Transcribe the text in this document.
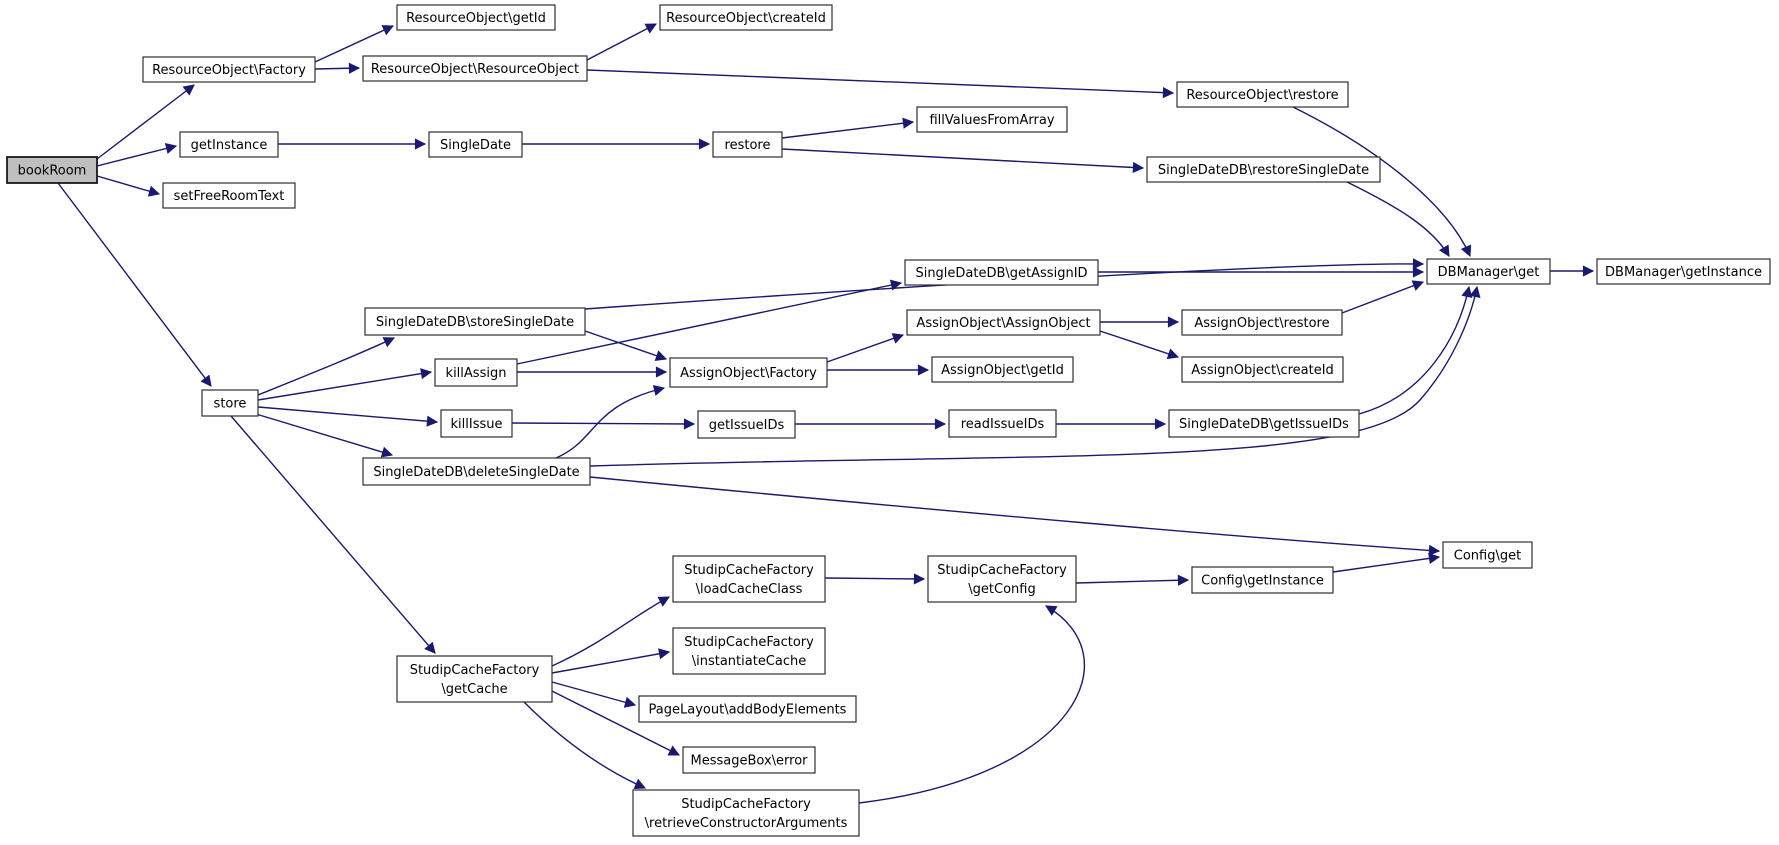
bookRoom
ResourceObject\Factory
ResourceObject\getId
ResourceObject\ResourceObject
ResourceObject\createId
ResourceObject\restore
getInstance	SingleDate	restore
fillValuesFromArray
SingleDateDB\restoreSingleDate
setFreeRoomText
DBManager\get	DBManager\getInstance
SingleDateDB\getAssignID
SingleDateDB\storeSingleDate	AssignObject\AssignObject	AssignObject\restore
killAssign	AssignObject\Factory	AssignObject\getId	AssignObject\createId
store
killIssue	getIssueIDs	readIssueIDs	SingleDateDB\getIssueIDs
SingleDateDB\deleteSingleDate
Config\get
StudipCacheFactory \loadCacheClass
StudipCacheFactory \getConfig
Config\getInstance
StudipCacheFactory \instantiateCache
StudipCacheFactory \getCache
PageLayout\addBodyElements
MessageBox\error
StudipCacheFactory \retrieveConstructorArguments
